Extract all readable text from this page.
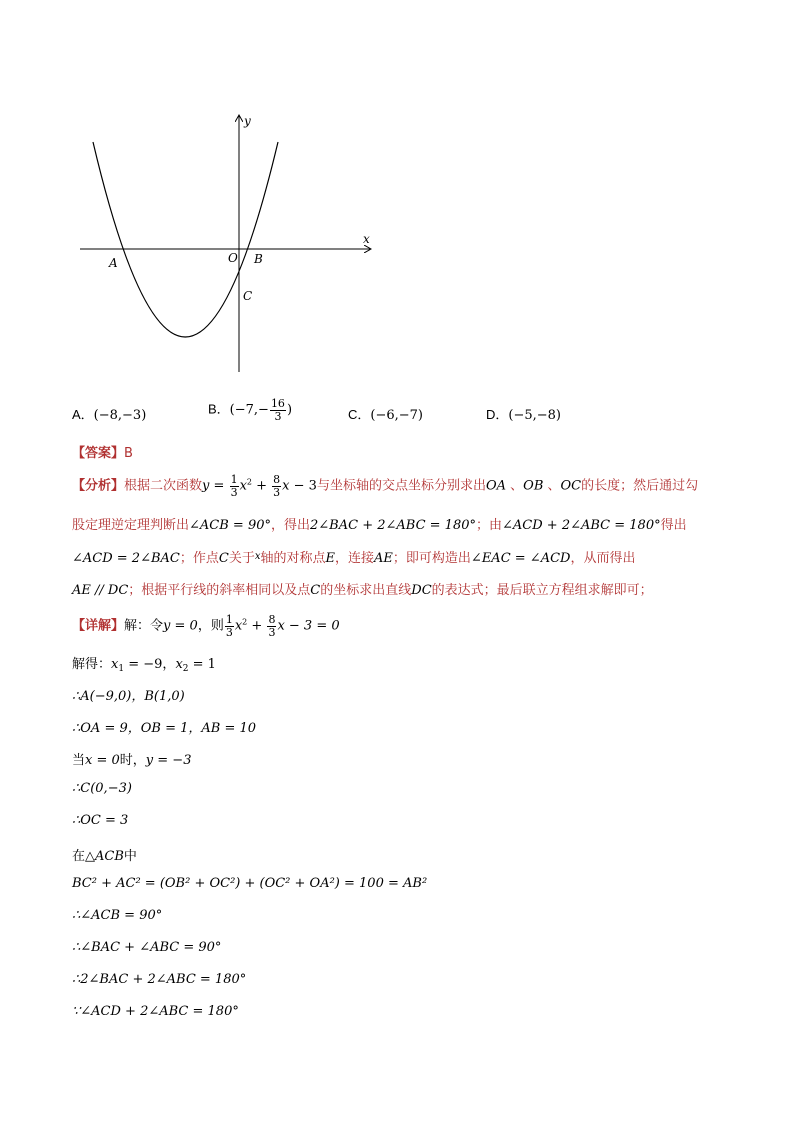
x
y
A	O B
C
A．(−8,−3)	B．($-7,- \frac{16}{3}$ )	C．(−6,−7)	D．(−5,−8)
【答案】B
【分析】根据二次函数$y = \frac{1}{3} x^2 + \frac{8}{3}$ x − 3与坐标轴的交点坐标分别求出OA 、OB 、OC的长度；然后通过勾
股定理逆定理判断出∠ACB = 90°，得出2∠BAC + 2∠ABC = 180°；由∠ACD + 2∠ABC = 180°得出
∠ACD = 2∠BAC；作点C关于$^x$轴的对称点E，连接AE；即可构造出∠EAC = ∠ACD，从而得出
AE // DC；根据平行线的斜率相同以及点C的坐标求出直线DC的表达式；最后联立方程组求解即可；
【详解】解：令y = 0，则 $\frac{1}{3} x^2 + \frac{8}{3}$ x − 3 = 0
解得：$x_1 = -9$，$x_2 = 1$
∴A(−9,0)，B(1,0)
∴OA = 9，OB = 1，AB = 10
当x = 0时，y = −3
∴C(0,−3)
∴OC = 3
在△ACB中
BC² + AC² = (OB² + OC²) + (OC² + OA²) = 100 = AB²
∴∠ACB = 90°
∴∠BAC + ∠ABC = 90°
∴2∠BAC + 2∠ABC = 180°
∵∠ACD + 2∠ABC = 180°
